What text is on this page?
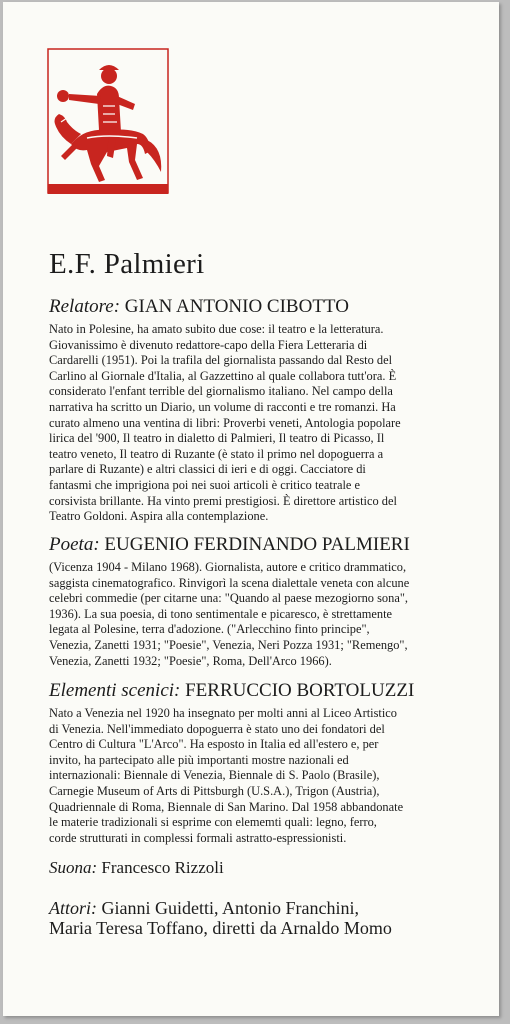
E.F. Palmieri
Relatore: GIAN ANTONIO CIBOTTO
Nato in Polesine, ha amato subito due cose: il teatro e la letteratura.
Giovanissimo è divenuto redattore-capo della Fiera Letteraria di
Cardarelli (1951). Poi la trafila del giornalista passando dal Resto del
Carlino al Giornale d'Italia, al Gazzettino al quale collabora tutt'ora. È
considerato l'enfant terrible del giornalismo italiano. Nel campo della
narrativa ha scritto un Diario, un volume di racconti e tre romanzi. Ha
curato almeno una ventina di libri: Proverbi veneti, Antologia popolare
lirica del '900, Il teatro in dialetto di Palmieri, Il teatro di Picasso, Il
teatro veneto, Il teatro di Ruzante (è stato il primo nel dopoguerra a
parlare di Ruzante) e altri classici di ieri e di oggi. Cacciatore di
fantasmi che imprigiona poi nei suoi articoli è critico teatrale e
corsivista brillante. Ha vinto premi prestigiosi. È direttore artistico del
Teatro Goldoni. Aspira alla contemplazione.
Poeta: EUGENIO FERDINANDO PALMIERI
(Vicenza 1904 - Milano 1968). Giornalista, autore e critico drammatico,
saggista cinematografico. Rinvigorì la scena dialettale veneta con alcune
celebri commedie (per citarne una: "Quando al paese mezogiorno sona",
1936). La sua poesia, di tono sentimentale e picaresco, è strettamente
legata al Polesine, terra d'adozione. ("Arlecchino finto principe",
Venezia, Zanetti 1931; "Poesie", Venezia, Neri Pozza 1931; "Remengo",
Venezia, Zanetti 1932; "Poesie", Roma, Dell'Arco 1966).
Elementi scenici: FERRUCCIO BORTOLUZZI
Nato a Venezia nel 1920 ha insegnato per molti anni al Liceo Artistico
di Venezia. Nell'immediato dopoguerra è stato uno dei fondatori del
Centro di Cultura "L'Arco". Ha esposto in Italia ed all'estero e, per
invito, ha partecipato alle più importanti mostre nazionali ed
internazionali: Biennale di Venezia, Biennale di S. Paolo (Brasile),
Carnegie Museum of Arts di Pittsburgh (U.S.A.), Trigon (Austria),
Quadriennale di Roma, Biennale di San Marino. Dal 1958 abbandonate
le materie tradizionali si esprime con elememti quali: legno, ferro,
corde strutturati in complessi formali astratto-espressionisti.
Suona: Francesco Rizzoli
Attori: Gianni Guidetti, Antonio Franchini,
Maria Teresa Toffano, diretti da Arnaldo Momo
